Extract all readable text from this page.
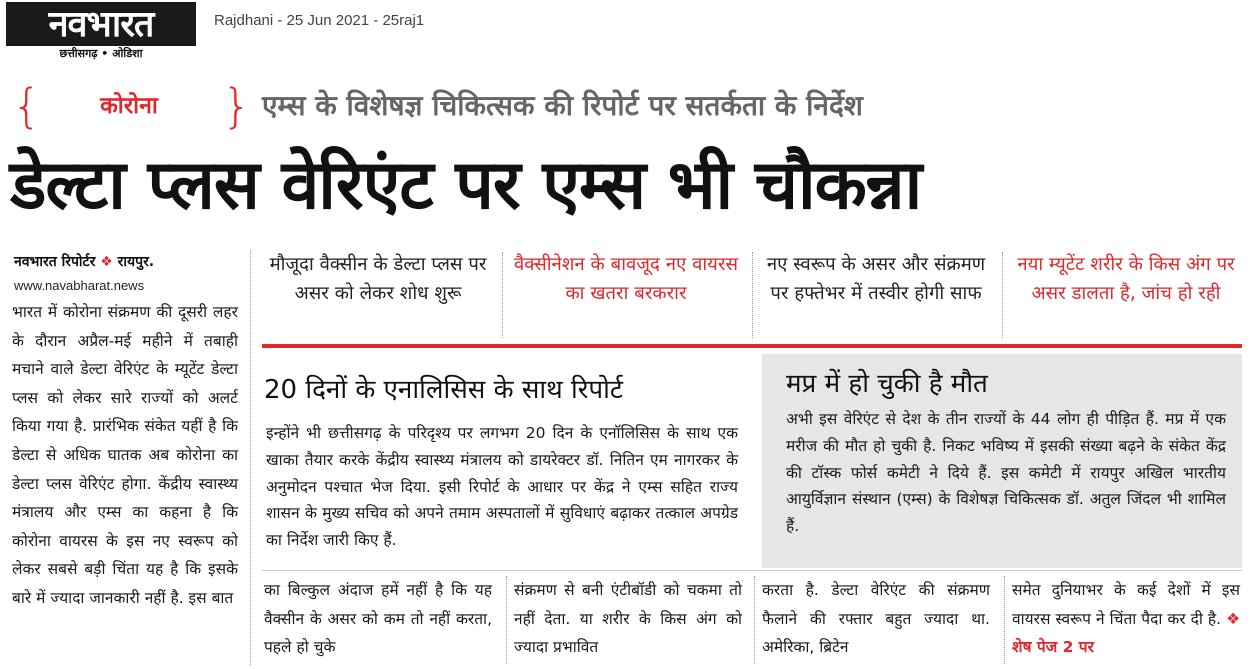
नवभारत
छत्तीसगढ़ • ओडिशा
Rajdhani - 25 Jun 2021 - 25raj1
{	कोरोना	} एम्स के विशेषज्ञ चिकित्सक की रिपोर्ट पर सतर्कता के निर्देश
डेल्टा प्लस वेरिएंट पर एम्स भी चौकन्ना
नवभारत रिपोर्टर ❖ रायपुर.
www.navabharat.news
भारत में कोरोना संक्रमण की दूसरी लहर के दौरान अप्रैल-मई महीने में तबाही मचाने वाले डेल्टा वेरिएंट के म्यूटेंट डेल्टा प्लस को लेकर सारे राज्यों को अलर्ट किया गया है. प्रारंभिक संकेत यहीं है कि डेल्टा से अधिक घातक अब कोरोना का डेल्टा प्लस वेरिएंट होगा. केंद्रीय स्वास्थ्य मंत्रालय और एम्स का कहना है कि कोरोना वायरस के इस नए स्वरूप को लेकर सबसे बड़ी चिंता यह है कि इसके बारे में ज्यादा जानकारी नहीं है. इस बात
मौजूदा वैक्सीन के डेल्टा प्लस पर असर को लेकर शोध शुरू
वैक्सीनेशन के बावजूद नए वायरस का खतरा बरकरार
नए स्वरूप के असर और संक्रमण पर हफ्तेभर में तस्वीर होगी साफ
नया म्यूटेंट शरीर के किस अंग पर असर डालता है, जांच हो रही
20 दिनों के एनालिसिस के साथ रिपोर्ट
इन्होंने भी छत्तीसगढ़ के परिदृश्य पर लगभग 20 दिन के एनॉलिसिस के साथ एक खाका तैयार करके केंद्रीय स्वास्थ्य मंत्रालय को डायरेक्टर डॉ. नितिन एम नागरकर के अनुमोदन पश्चात भेज दिया. इसी रिपोर्ट के आधार पर केंद्र ने एम्स सहित राज्य शासन के मुख्य सचिव को अपने तमाम अस्पतालों में सुविधाएं बढ़ाकर तत्काल अपग्रेड का निर्देश जारी किए हैं.
मप्र में हो चुकी है मौत
अभी इस वेरिएंट से देश के तीन राज्यों के 44 लोग ही पीड़ित हैं. मप्र में एक मरीज की मौत हो चुकी है. निकट भविष्य में इसकी संख्या बढ़ने के संकेत केंद्र की टॉस्क फोर्स कमेटी ने दिये हैं. इस कमेटी में रायपुर अखिल भारतीय आयुर्विज्ञान संस्थान (एम्स) के विशेषज्ञ चिकित्सक डॉ. अतुल जिंदल भी शामिल हैं.
का बिल्कुल अंदाज हमें नहीं है कि यह वैक्सीन के असर को कम तो नहीं करता, पहले हो चुके
संक्रमण से बनी एंटीबॉडी को चकमा तो नहीं देता. या शरीर के किस अंग को ज्यादा प्रभावित
करता है. डेल्टा वेरिएंट की संक्रमण फैलाने की रफ्तार बहुत ज्यादा था. अमेरिका, ब्रिटेन
समेत दुनियाभर के कई देशों में इस वायरस स्वरूप ने चिंता पैदा कर दी है. ❖ शेष पेज 2 पर
